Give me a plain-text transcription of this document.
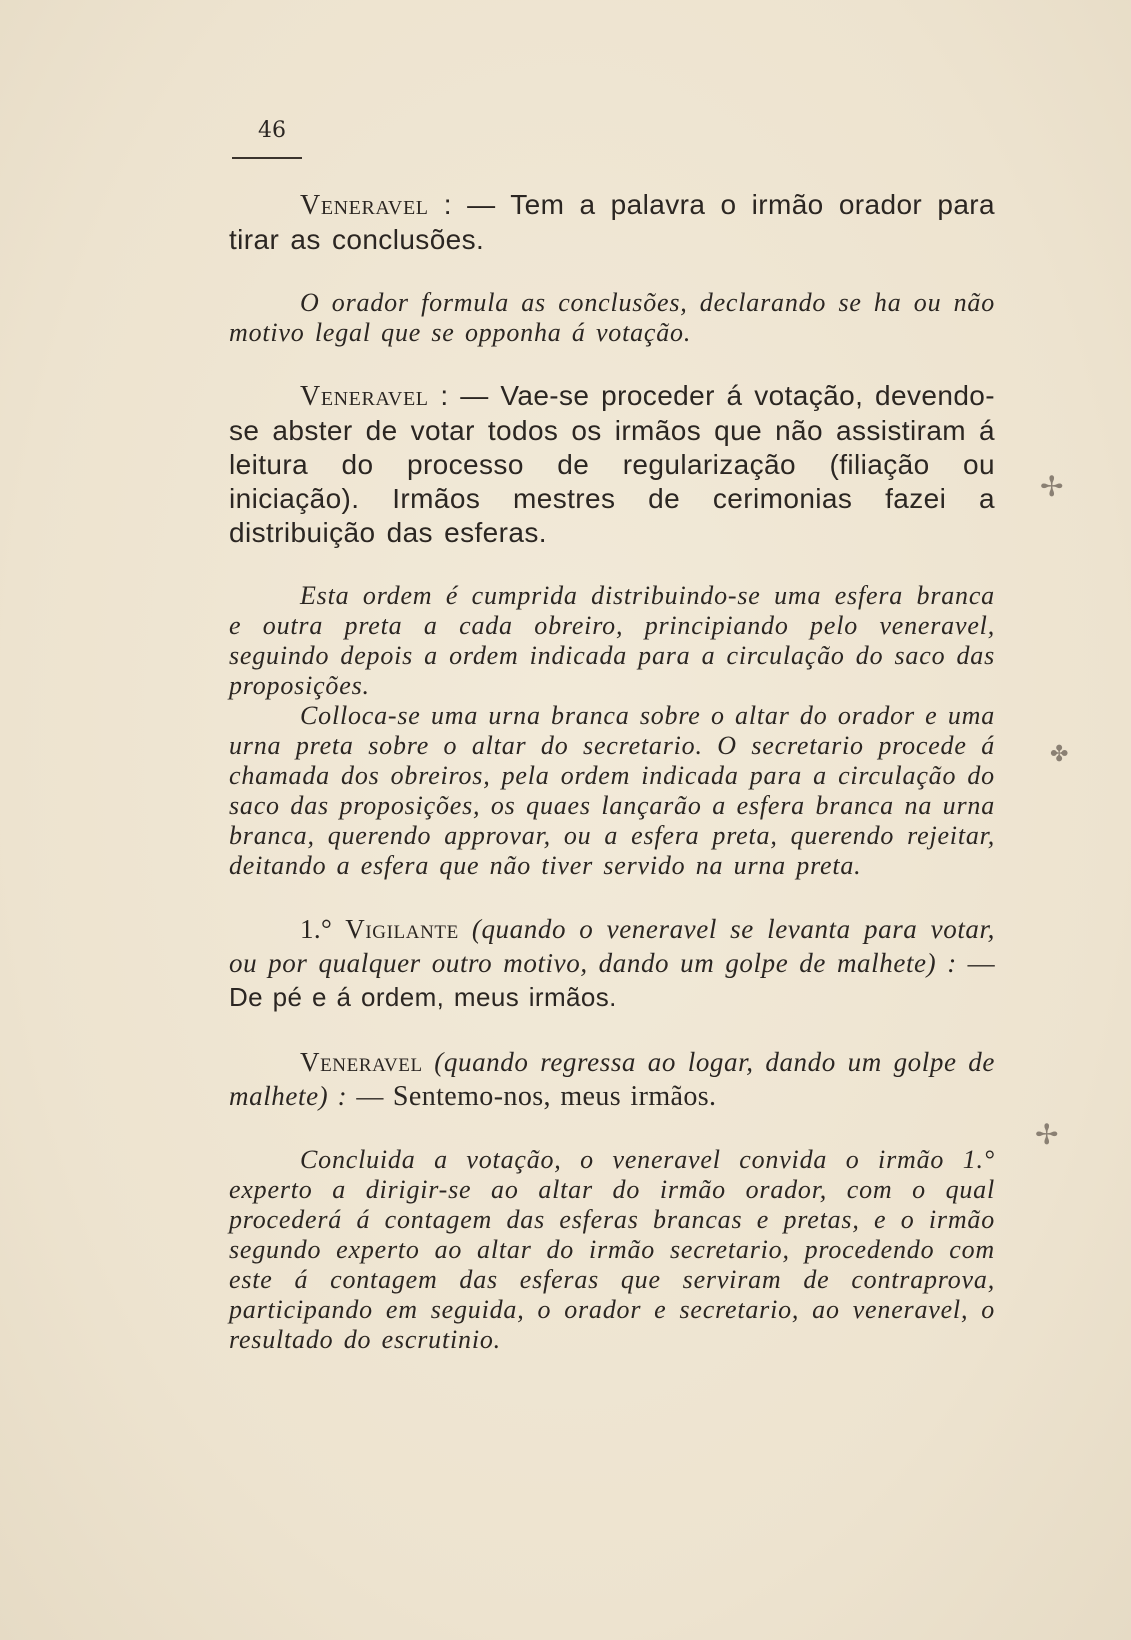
46

Veneravel : — Tem a palavra o irmão orador para tirar as conclusões.

O orador formula as conclusões, declarando se ha ou não motivo legal que se opponha á votação.

Veneravel : — Vae-se proceder á votação, devendo-se abster de votar todos os irmãos que não assistiram á leitura do processo de regularização (filiação ou iniciação). Irmãos mestres de cerimonias fazei a distribuição das esferas.

Esta ordem é cumprida distribuindo-se uma esfera branca e outra preta a cada obreiro, principiando pelo veneravel, seguindo depois a ordem indicada para a circulação do saco das proposições.

Colloca-se uma urna branca sobre o altar do orador e uma urna preta sobre o altar do secretario. O secretario procede á chamada dos obreiros, pela ordem indicada para a circulação do saco das proposições, os quaes lançarão a esfera branca na urna branca, querendo approvar, ou a esfera preta, querendo rejeitar, deitando a esfera que não tiver servido na urna preta.

1.° Vigilante (quando o veneravel se levanta para votar, ou por qualquer outro motivo, dando um golpe de malhete) : — De pé e á ordem, meus irmãos.

Veneravel (quando regressa ao logar, dando um golpe de malhete) : — Sentemo-nos, meus irmãos.

Concluida a votação, o veneravel convida o irmão 1.° experto a dirigir-se ao altar do irmão orador, com o qual procederá á contagem das esferas brancas e pretas, e o irmão segundo experto ao altar do irmão secretario, procedendo com este á contagem das esferas que serviram de contraprova, participando em seguida, o orador e secretario, ao veneravel, o resultado do escrutinio.

✢
✤
✢
